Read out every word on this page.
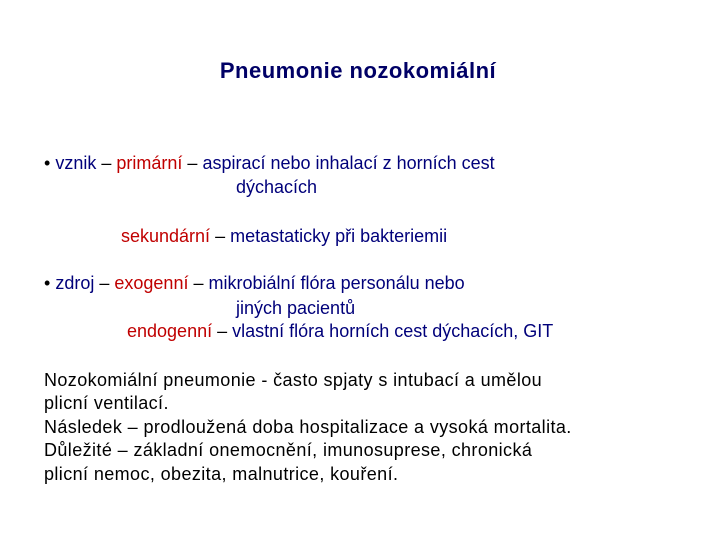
Pneumonie nozokomiální
• vznik – primární – aspirací nebo inhalací z horních cest
dýchacích
sekundární – metastaticky při bakteriemii
• zdroj – exogenní – mikrobiální flóra personálu nebo
jiných pacientů
endogenní – vlastní flóra horních cest dýchacích, GIT
Nozokomiální pneumonie - často spjaty s intubací a umělou
plicní ventilací.
Následek – prodloužená doba hospitalizace a vysoká mortalita.
Důležité – základní onemocnění, imunosuprese, chronická
plicní nemoc, obezita, malnutrice, kouření.
